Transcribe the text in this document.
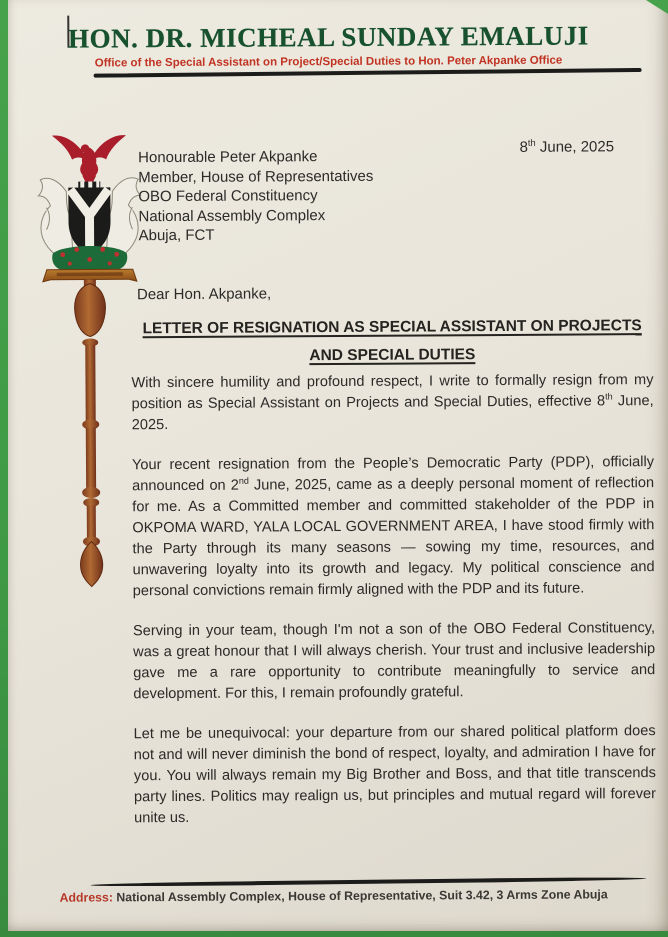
HON. DR. MICHEAL SUNDAY EMALUJI
Office of the Special Assistant on Project/Special Duties to Hon. Peter Akpanke Office
8th June, 2025
Honourable Peter Akpanke
Member, House of Representatives
OBO Federal Constituency
National Assembly Complex
Abuja, FCT
Dear Hon. Akpanke,
LETTER OF RESIGNATION AS SPECIAL ASSISTANT ON PROJECTS
AND SPECIAL DUTIES

With sincere humility and profound respect, I write to formally resign from my position as Special Assistant on Projects and Special Duties, effective 8th June, 2025.

Your recent resignation from the People’s Democratic Party (PDP), officially announced on 2nd June, 2025, came as a deeply personal moment of reflection for me. As a Committed member and committed stakeholder of the PDP in OKPOMA WARD, YALA LOCAL GOVERNMENT AREA, I have stood firmly with the Party through its many seasons — sowing my time, resources, and unwavering loyalty into its growth and legacy. My political conscience and personal convictions remain firmly aligned with the PDP and its future.

Serving in your team, though I'm not a son of the OBO Federal Constituency, was a great honour that I will always cherish. Your trust and inclusive leadership gave me a rare opportunity to contribute meaningfully to service and development. For this, I remain profoundly grateful.

Let me be unequivocal: your departure from our shared political platform does not and will never diminish the bond of respect, loyalty, and admiration I have for you. You will always remain my Big Brother and Boss, and that title transcends party lines. Politics may realign us, but principles and mutual regard will forever unite us.

Address: National Assembly Complex, House of Representative, Suit 3.42, 3 Arms Zone Abuja
